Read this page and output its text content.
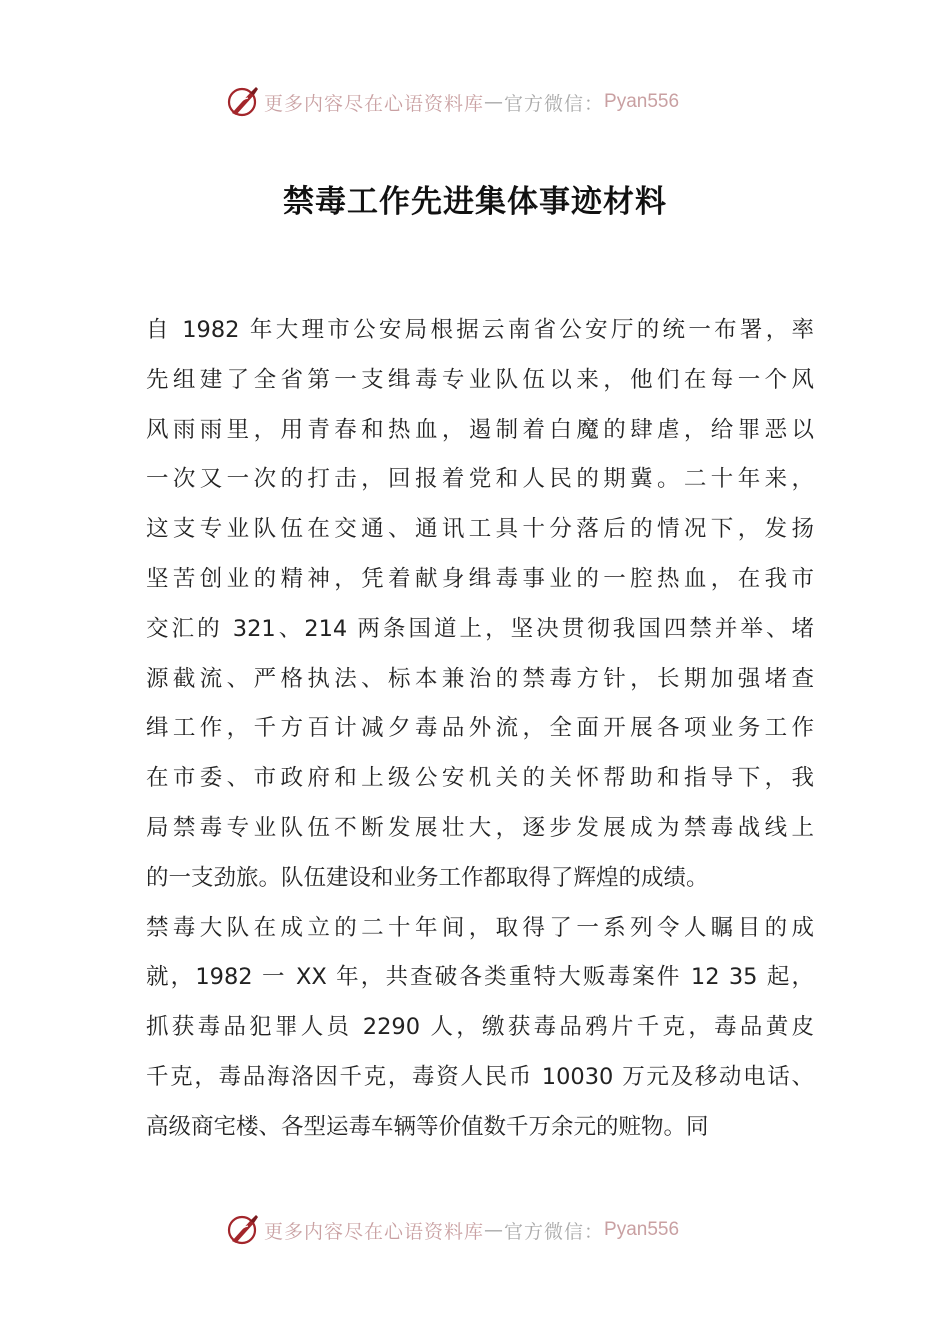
更多内容尽在心语资料库 — 官方微信： Pyan556
禁毒工作先进集体事迹材料
自 1982 年大理市公安局根据云南省公安厅的统一布署，率
先组建了全省第一支缉毒专业队伍以来，他们在每一个风
风雨雨里，用青春和热血，遏制着白魔的肆虐，给罪恶以
一次又一次的打击，回报着党和人民的期冀。二十年来，
这支专业队伍在交通、通讯工具十分落后的情况下，发扬
坚苦创业的精神，凭着献身缉毒事业的一腔热血，在我市
交汇的 321、214 两条国道上，坚决贯彻我国四禁并举、堵
源截流、严格执法、标本兼治的禁毒方针，长期加强堵查
缉工作，千方百计减夕毒品外流，全面开展各项业务工作
在市委、市政府和上级公安机关的关怀帮助和指导下，我
局禁毒专业队伍不断发展壮大，逐步发展成为禁毒战线上
的一支劲旅。队伍建设和业务工作都取得了辉煌的成绩。
禁毒大队在成立的二十年间，取得了一系列令人瞩目的成
就，1982 一 XX 年，共查破各类重特大贩毒案件 12 35 起，
抓获毒品犯罪人员 2290 人，缴获毒品鸦片千克，毒品黄皮
千克，毒品海洛因千克，毒资人民币 10030 万元及移动电话、
高级商宅楼、各型运毒车辆等价值数千万余元的赃物。同
更多内容尽在心语资料库 — 官方微信： Pyan556
